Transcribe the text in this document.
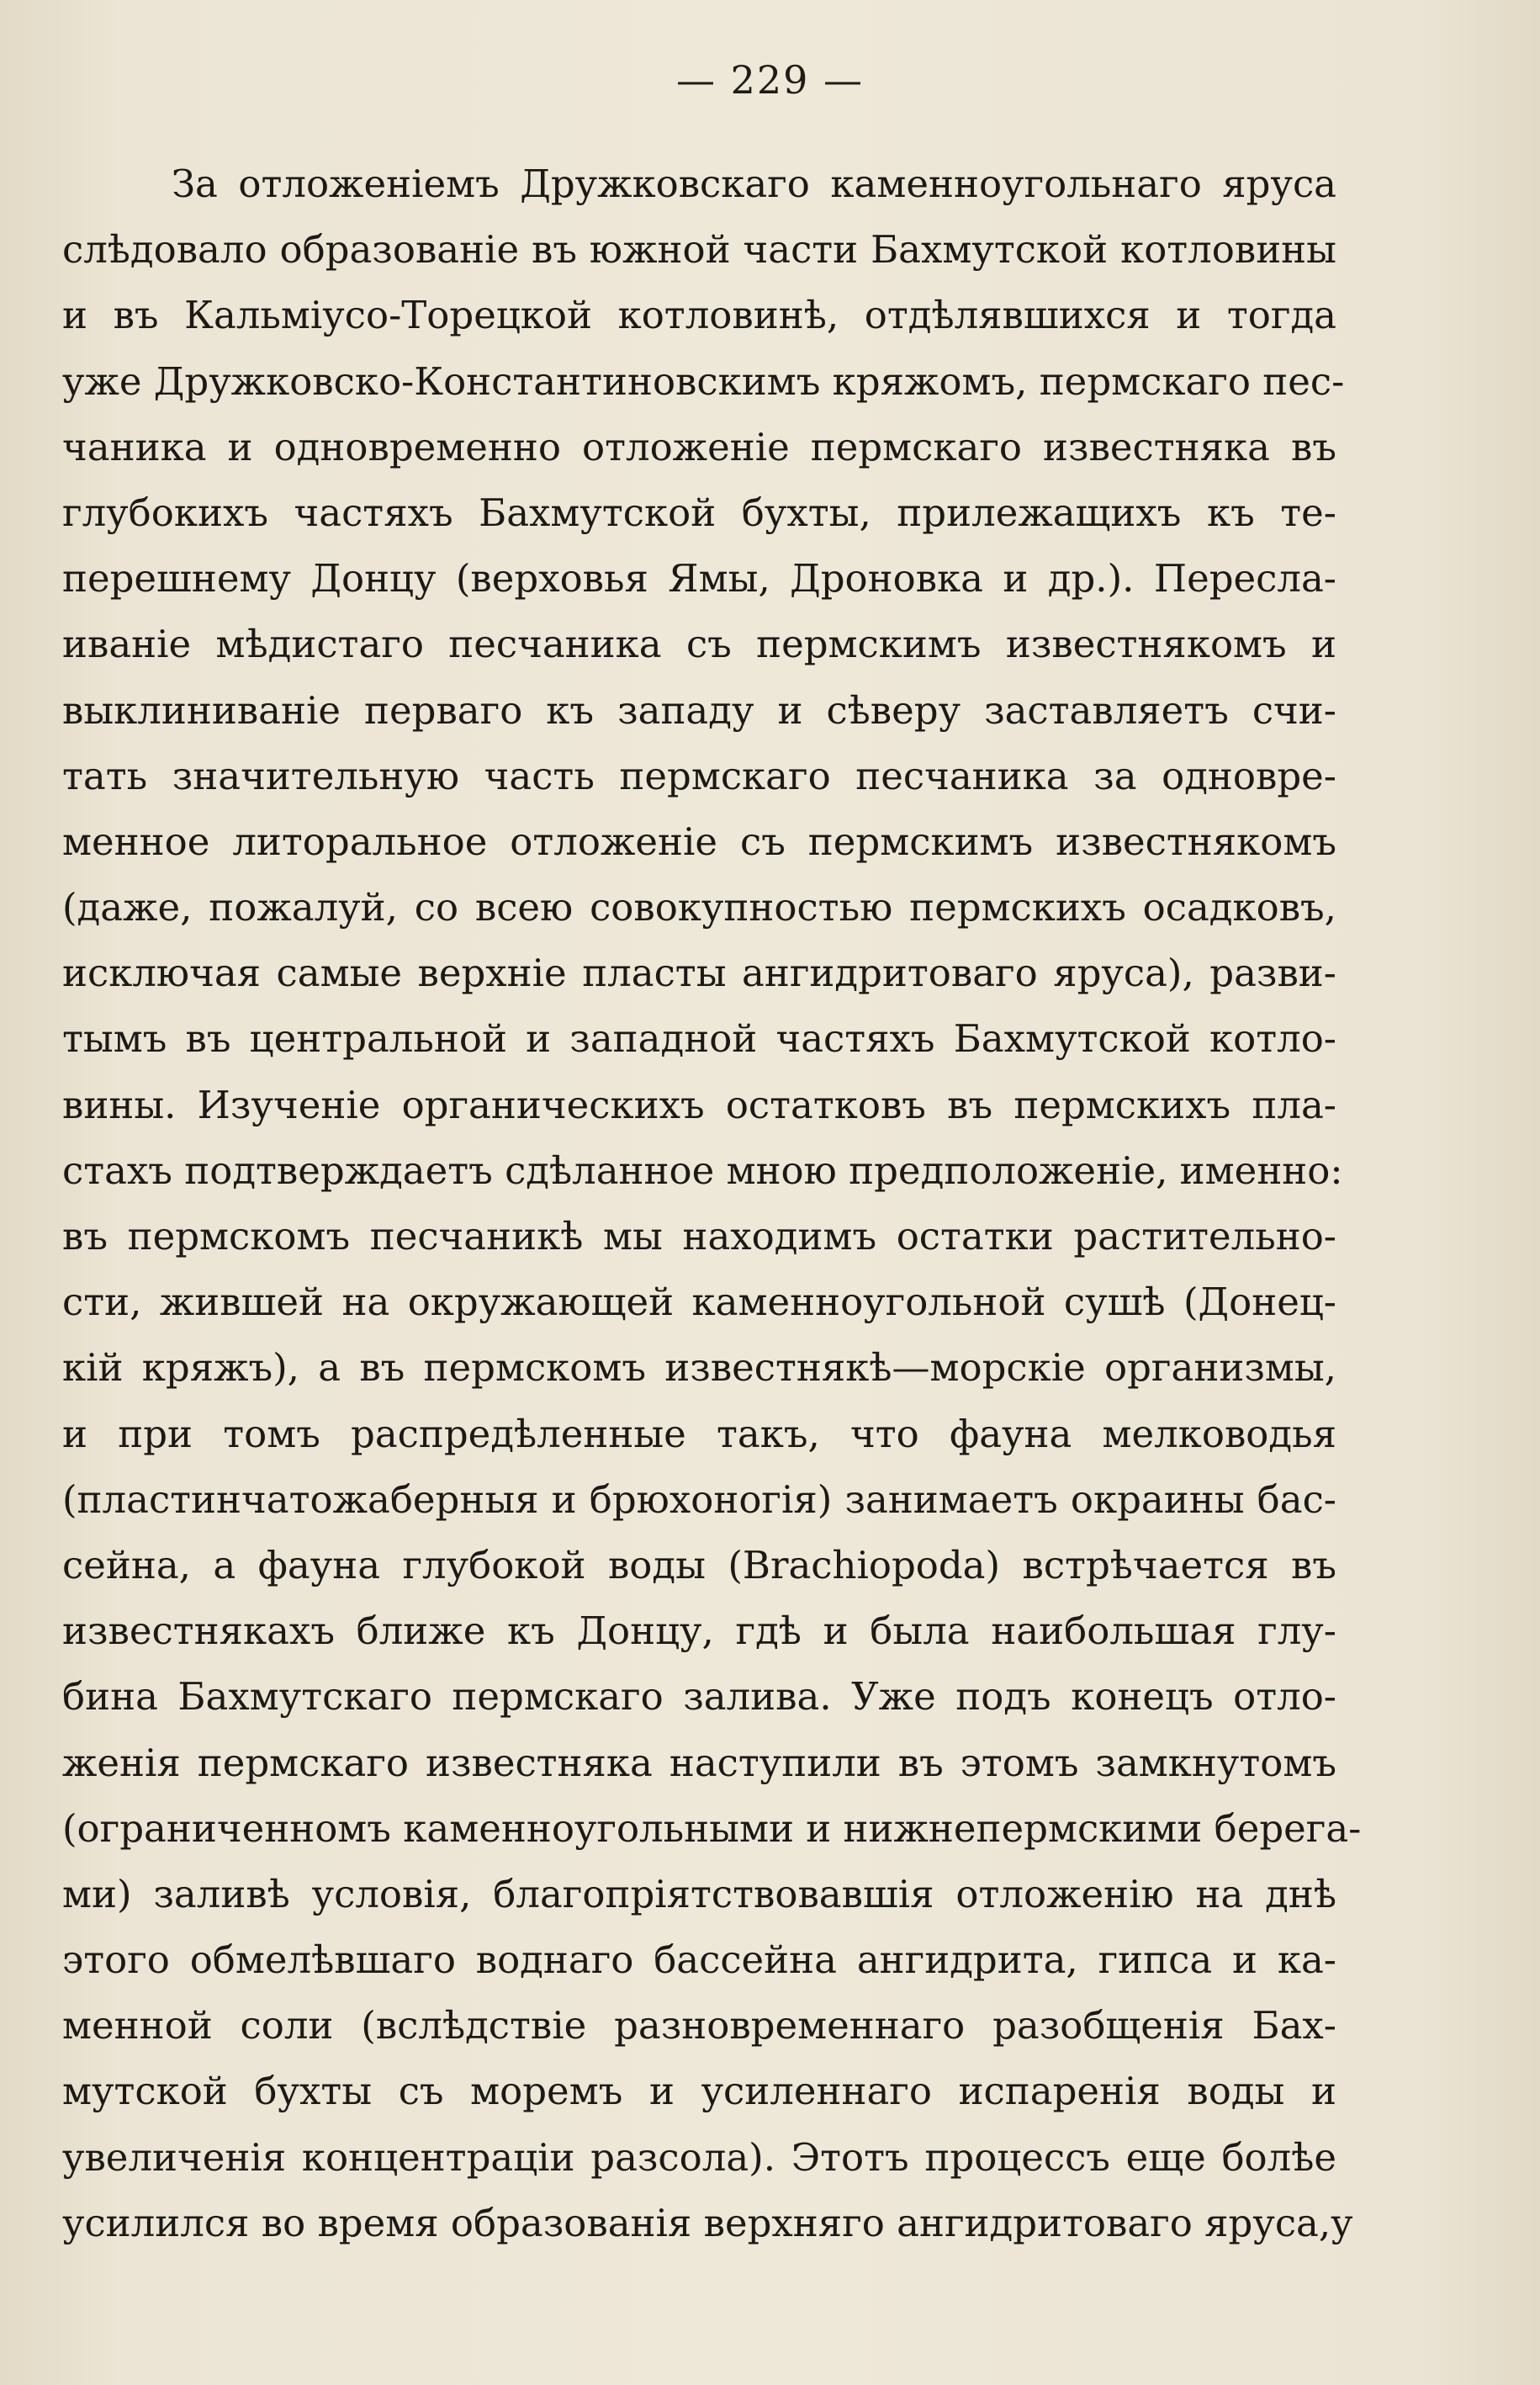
— 229 —
За отложеніемъ Дружковскаго каменноугольнаго яруса
слѣдовало образованіе въ южной части Бахмутской котловины
и въ Кальміусо-Торецкой котловинѣ, отдѣлявшихся и тогда
уже Дружковско-Константиновскимъ кряжомъ, пермскаго пес-
чаника и одновременно отложеніе пермскаго известняка въ
глубокихъ частяхъ Бахмутской бухты, прилежащихъ къ те-
перешнему Донцу (верховья Ямы, Дроновка и др.). Пересла-
иваніе мѣдистаго песчаника съ пермскимъ известнякомъ и
выклиниваніе перваго къ западу и сѣверу заставляетъ счи-
тать значительную часть пермскаго песчаника за одновре-
менное литоральное отложеніе съ пермскимъ известнякомъ
(даже, пожалуй, со всею совокупностью пермскихъ осадковъ,
исключая самые верхніе пласты ангидритоваго яруса), разви-
тымъ въ центральной и западной частяхъ Бахмутской котло-
вины. Изученіе органическихъ остатковъ въ пермскихъ пла-
стахъ подтверждаетъ сдѣланное мною предположеніе, именно:
въ пермскомъ песчаникѣ мы находимъ остатки растительно-
сти, жившей на окружающей каменноугольной сушѣ (Донец-
кій кряжъ), а въ пермскомъ известнякѣ—морскіе организмы,
и при томъ распредѣленные такъ, что фауна мелководья
(пластинчатожаберныя и брюхоногія) занимаетъ окраины бас-
сейна, а фауна глубокой воды (Brachiopoda) встрѣчается въ
известнякахъ ближе къ Донцу, гдѣ и была наибольшая глу-
бина Бахмутскаго пермскаго залива. Уже подъ конецъ отло-
женія пермскаго известняка наступили въ этомъ замкнутомъ
(ограниченномъ каменноугольными и нижнепермскими берега-
ми) заливѣ условія, благопріятствовавшія отложенію на днѣ
этого обмелѣвшаго воднаго бассейна ангидрита, гипса и ка-
менной соли (вслѣдствіе разновременнаго разобщенія Бах-
мутской бухты съ моремъ и усиленнаго испаренія воды и
увеличенія концентраціи разсола). Этотъ процессъ еще болѣе
усилился во время образованія верхняго ангидритоваго яруса,у
